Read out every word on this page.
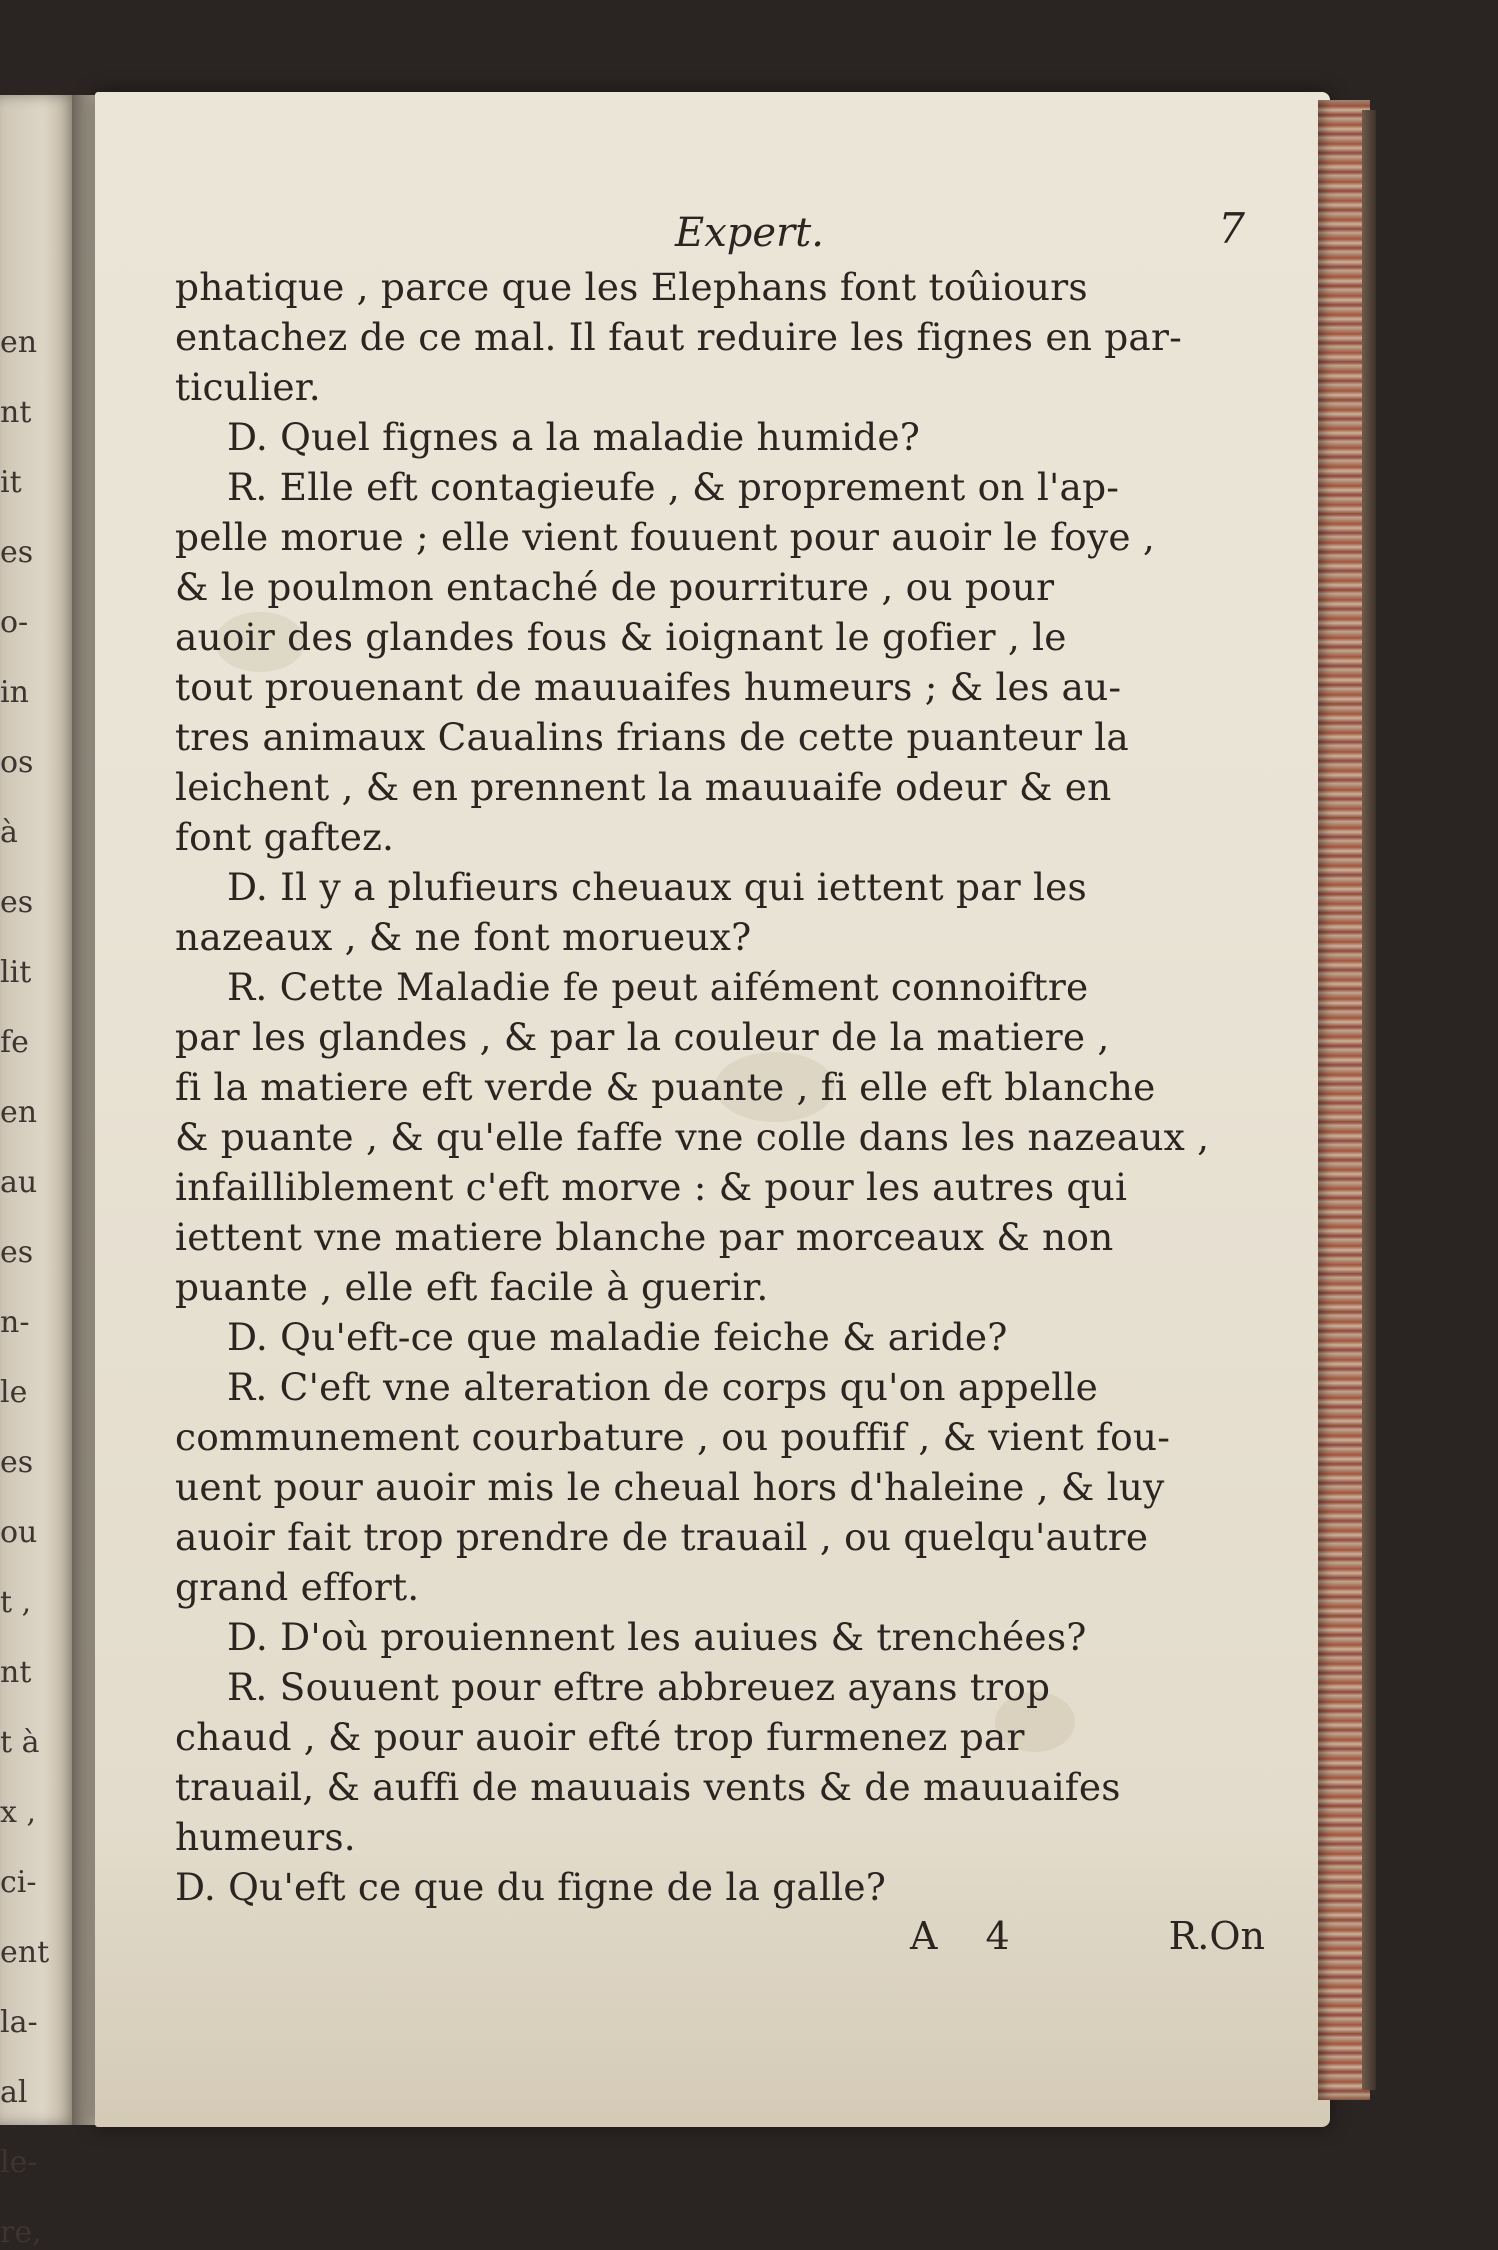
en
nt
it
es
o-
in
os
à
es
lit
fe
en
au
es
n-
le
es
ou
t ,
nt
t à
x ,
ci-
ent
la-
al
le-
re,
Expert.	7
phatique , parce que les Elephans font toûiours
entachez de ce mal. Il faut reduire les fignes en par-
ticulier.
D. Quel fignes a la maladie humide?
R. Elle eft contagieufe , & proprement on l'ap-
pelle morue ; elle vient fouuent pour auoir le foye ,
& le poulmon entaché de pourriture , ou pour
auoir des glandes fous & ioignant le gofier , le
tout prouenant de mauuaifes humeurs ; & les au-
tres animaux Caualins frians de cette puanteur la
leichent , & en prennent la mauuaife odeur & en
font gaftez.
D. Il y a plufieurs cheuaux qui iettent par les
nazeaux , & ne font morueux?
R. Cette Maladie fe peut aifément connoiftre
par les glandes , & par la couleur de la matiere ,
fi la matiere eft verde & puante , fi elle eft blanche
& puante , & qu'elle faffe vne colle dans les nazeaux ,
infailliblement c'eft morve : & pour les autres qui
iettent vne matiere blanche par morceaux & non
puante , elle eft facile à guerir.
D. Qu'eft-ce que maladie feiche & aride?
R. C'eft vne alteration de corps qu'on appelle
communement courbature , ou pouffif , & vient fou-
uent pour auoir mis le cheual hors d'haleine , & luy
auoir fait trop prendre de trauail , ou quelqu'autre
grand effort.
D. D'où prouiennent les auiues & trenchées?
R. Souuent pour eftre abbreuez ayans trop
chaud , & pour auoir efté trop furmenez par
trauail, & auffi de mauuais vents & de mauuaifes
humeurs.
D. Qu'eft ce que du figne de la galle?
A 4	R.On
